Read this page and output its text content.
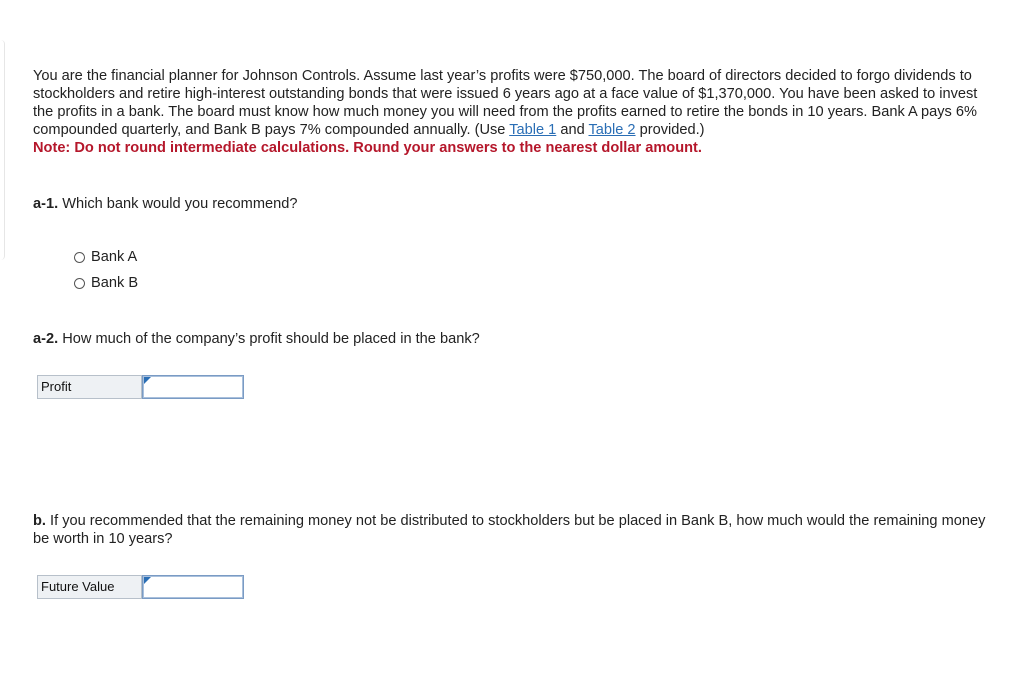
You are the financial planner for Johnson Controls. Assume last year’s profits were $750,000. The board of directors decided to forgo dividends to stockholders and retire high-interest outstanding bonds that were issued 6 years ago at a face value of $1,370,000. You have been asked to invest the profits in a bank. The board must know how much money you will need from the profits earned to retire the bonds in 10 years. Bank A pays 6% compounded quarterly, and Bank B pays 7% compounded annually. (Use Table 1 and Table 2 provided.)

Note: Do not round intermediate calculations. Round your answers to the nearest dollar amount.

a-1. Which bank would you recommend?
Bank A
Bank B
a-2. How much of the company’s profit should be placed in the bank?
Profit
b. If you recommended that the remaining money not be distributed to stockholders but be placed in Bank B, how much would the remaining money be worth in 10 years?
Future Value
